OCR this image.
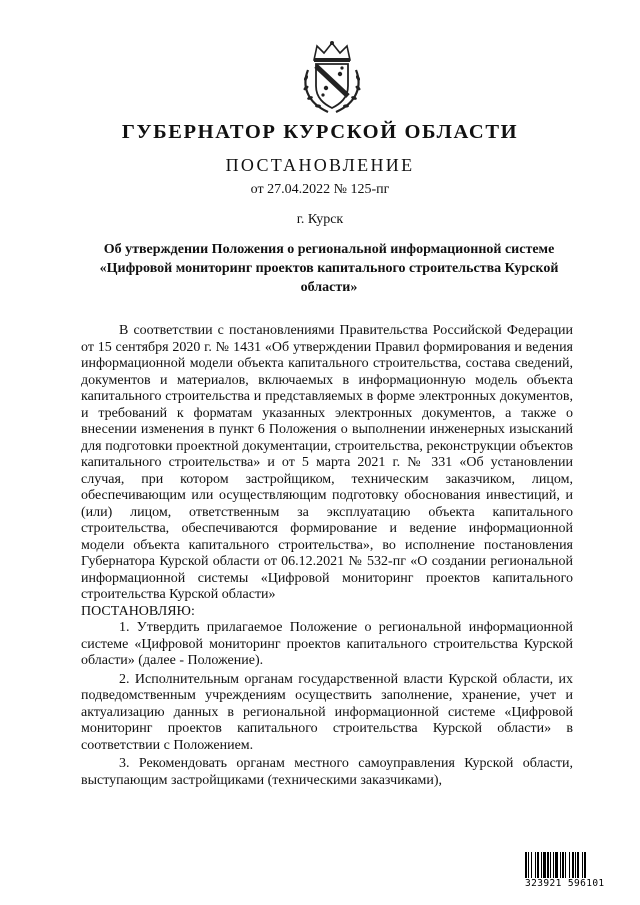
ГУБЕРНАТОР КУРСКОЙ ОБЛАСТИ
ПОСТАНОВЛЕНИЕ
от 27.04.2022 № 125-пг
г. Курск
Об утверждении Положения о региональной информационной системе «Цифровой мониторинг проектов капитального строительства Курской области»

В соответствии с постановлениями Правительства Российской Федерации от 15 сентября 2020 г. № 1431 «Об утверждении Правил формирования и ведения информационной модели объекта капитального строительства, состава сведений, документов и материалов, включаемых в информационную модель объекта капитального строительства и представляемых в форме электронных документов, и требований к форматам указанных электронных документов, а также о внесении изменения в пункт 6 Положения о выполнении инженерных изысканий для подготовки проектной документации, строительства, реконструкции объектов капитального строительства» и от 5 марта 2021 г. № 331 «Об установлении случая, при котором застройщиком, техническим заказчиком, лицом, обеспечивающим или осуществляющим подготовку обоснования инвестиций, и (или) лицом, ответственным за эксплуатацию объекта капитального строительства, обеспечиваются формирование и ведение информационной модели объекта капитального строительства», во исполнение постановления Губернатора Курской области от 06.12.2021 № 532-пг «О создании региональной информационной системы «Цифровой мониторинг проектов капитального строительства Курской области»

ПОСТАНОВЛЯЮ:

1. Утвердить прилагаемое Положение о региональной информационной системе «Цифровой мониторинг проектов капитального строительства Курской области» (далее - Положение).

2. Исполнительным органам государственной власти Курской области, их подведомственным учреждениям осуществить заполнение, хранение, учет и актуализацию данных в региональной информационной системе «Цифровой мониторинг проектов капитального строительства Курской области» в соответствии с Положением.

3. Рекомендовать органам местного самоуправления Курской области, выступающим застройщиками (техническими заказчиками),

323921 596101
